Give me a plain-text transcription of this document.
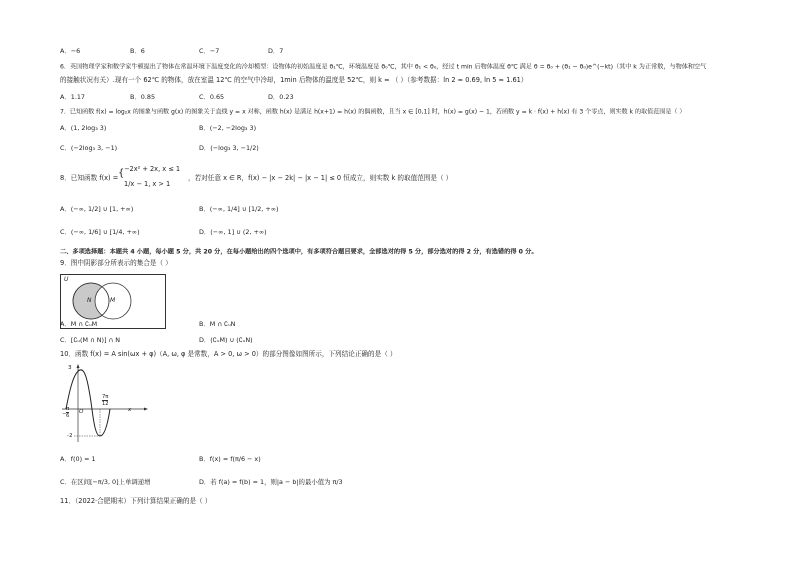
A．−6	B．6	C．−7	D．7
6．英国物理学家和数学家牛顿提出了物体在常温环境下温度变化的冷却模型：设物体的初始温度是 θ₁℃，环境温度是 θ₀℃，其中 θ₁ < θ₀，经过 t min 后物体温度 θ℃ 满足 θ = θ₀ + (θ₁ − θ₀)e^(−kt)（其中 k 为正常数，与物体和空气
的接触状况有关）.现有一个 62℃ 的物体，放在室温 12℃ 的空气中冷却，1min 后物体的温度是 52℃，则 k ≈ （ ）（参考数据：ln 2 ≈ 0.69, ln 5 ≈ 1.61）
A．1.17	B．0.85	C．0.65	D．0.23
7．已知函数 f(x) = log₂x 的图象与函数 g(x) 的图象关于直线 y = x 对称，函数 h(x) 是满足 h(x+1) = h(x) 的偶函数，且当 x ∈ [0,1] 时，h(x) = g(x) − 1，若函数 y = k · f(x) + h(x) 有 3 个零点，则实数 k 的取值范围是（ ）
A．(1, 2log₃ 3)	B．(−2, −2log₃ 3)
C．(−2log₃ 3, −1)	D．(−log₃ 3, −1/2)
8．已知函数 f(x) = { −2x² + 2x, x ≤ 1
1/x − 1, x > 1
，若对任意 x ∈ R，f(x) − |x − 2k| − |x − 1| ≤ 0 恒成立，则实数 k 的取值范围是（ ）
A．(−∞, 1/2] ∪ [1, +∞)	B．(−∞, 1/4] ∪ [1/2, +∞)
C．(−∞, 1/6] ∪ [1/4, +∞)	D．(−∞, 1] ∪ (2, +∞)
二、多项选择题：本题共 4 小题，每小题 5 分，共 20 分，在每小题给出的四个选项中，有多项符合题目要求，全部选对的得 5 分，部分选对的得 2 分，有选错的得 0 分。
9．图中阴影部分所表示的集合是（ ）
U
N	M
A．M ∩ ∁ᵤM	B．M ∩ ∁ᵤN
C．[∁ᵤ(M ∩ N)] ∩ N	D．(∁ᵤM) ∪ (∁ᵤN)
10．函数 f(x) = A sin(ωx + φ)（A, ω, φ 是常数，A > 0, ω > 0）的部分图像如图所示，下列结论正确的是（ ）
3
-2
O	x
−
π
6
7π
12
A．f(0) = 1	B．f(x) = f(π/6 − x)
C．在区间[−π/3, 0]上单调递增	D．若 f(a) = f(b) = 1，则|a − b|的最小值为 π/3
11．（2022·合肥期末）下列计算结果正确的是（ ）
